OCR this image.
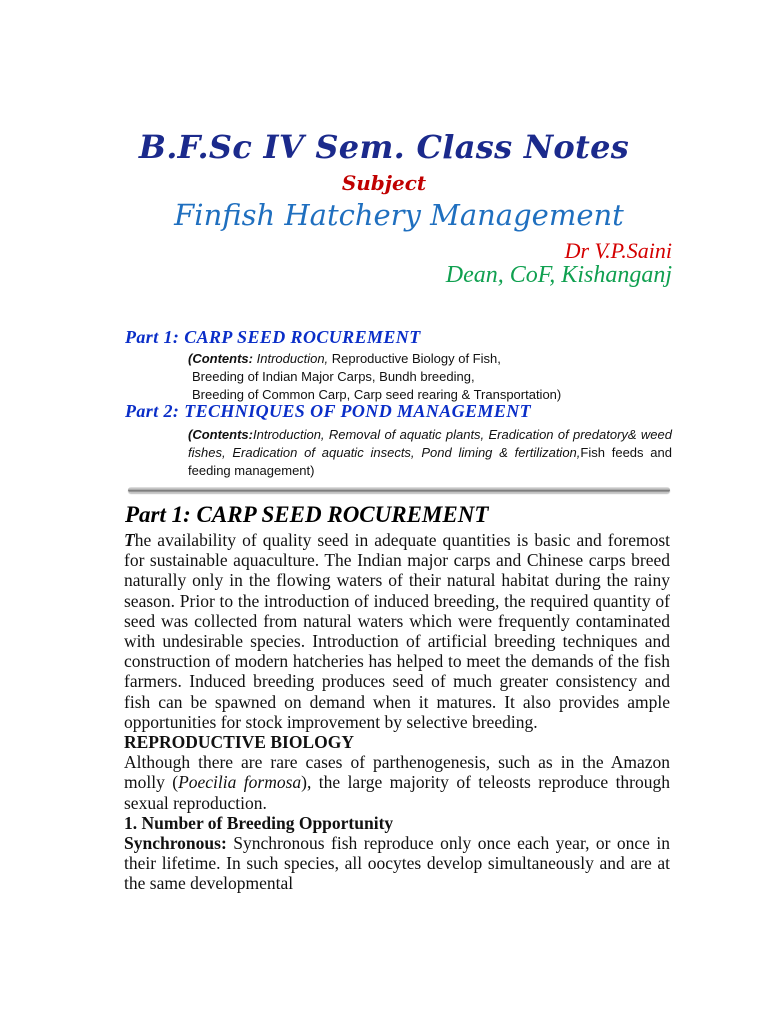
B.F.Sc IV Sem. Class Notes
Subject
Finfish Hatchery Management
Dr V.P.Saini
Dean, CoF, Kishanganj
Part 1: CARP SEED ROCUREMENT
(Contents: Introduction, Reproductive Biology of Fish,
Breeding of Indian Major Carps, Bundh breeding,
Breeding of Common Carp, Carp seed rearing & Transportation)
Part 2: TECHNIQUES OF POND MANAGEMENT
(Contents:Introduction, Removal of aquatic plants, Eradication of predatory& weed fishes, Eradication of aquatic insects, Pond liming & fertilization,Fish feeds and feeding management)
Part 1: CARP SEED ROCUREMENT

The availability of quality seed in adequate quantities is basic and foremost for sustainable aquaculture. The Indian major carps and Chinese carps breed naturally only in the flowing waters of their natural habitat during the rainy season. Prior to the introduction of induced breeding, the required quantity of seed was collected from natural waters which were frequently contaminated with undesirable species. Introduction of artificial breeding techniques and construction of modern hatcheries has helped to meet the demands of the fish farmers. Induced breeding produces seed of much greater consistency and fish can be spawned on demand when it matures. It also provides ample opportunities for stock improvement by selective breeding.

REPRODUCTIVE BIOLOGY

Although there are rare cases of parthenogenesis, such as in the Amazon molly (Poecilia formosa), the large majority of teleosts reproduce through sexual reproduction.

1. Number of Breeding Opportunity

Synchronous: Synchronous fish reproduce only once each year, or once in their lifetime. In such species, all oocytes develop simultaneously and are at the same developmental
